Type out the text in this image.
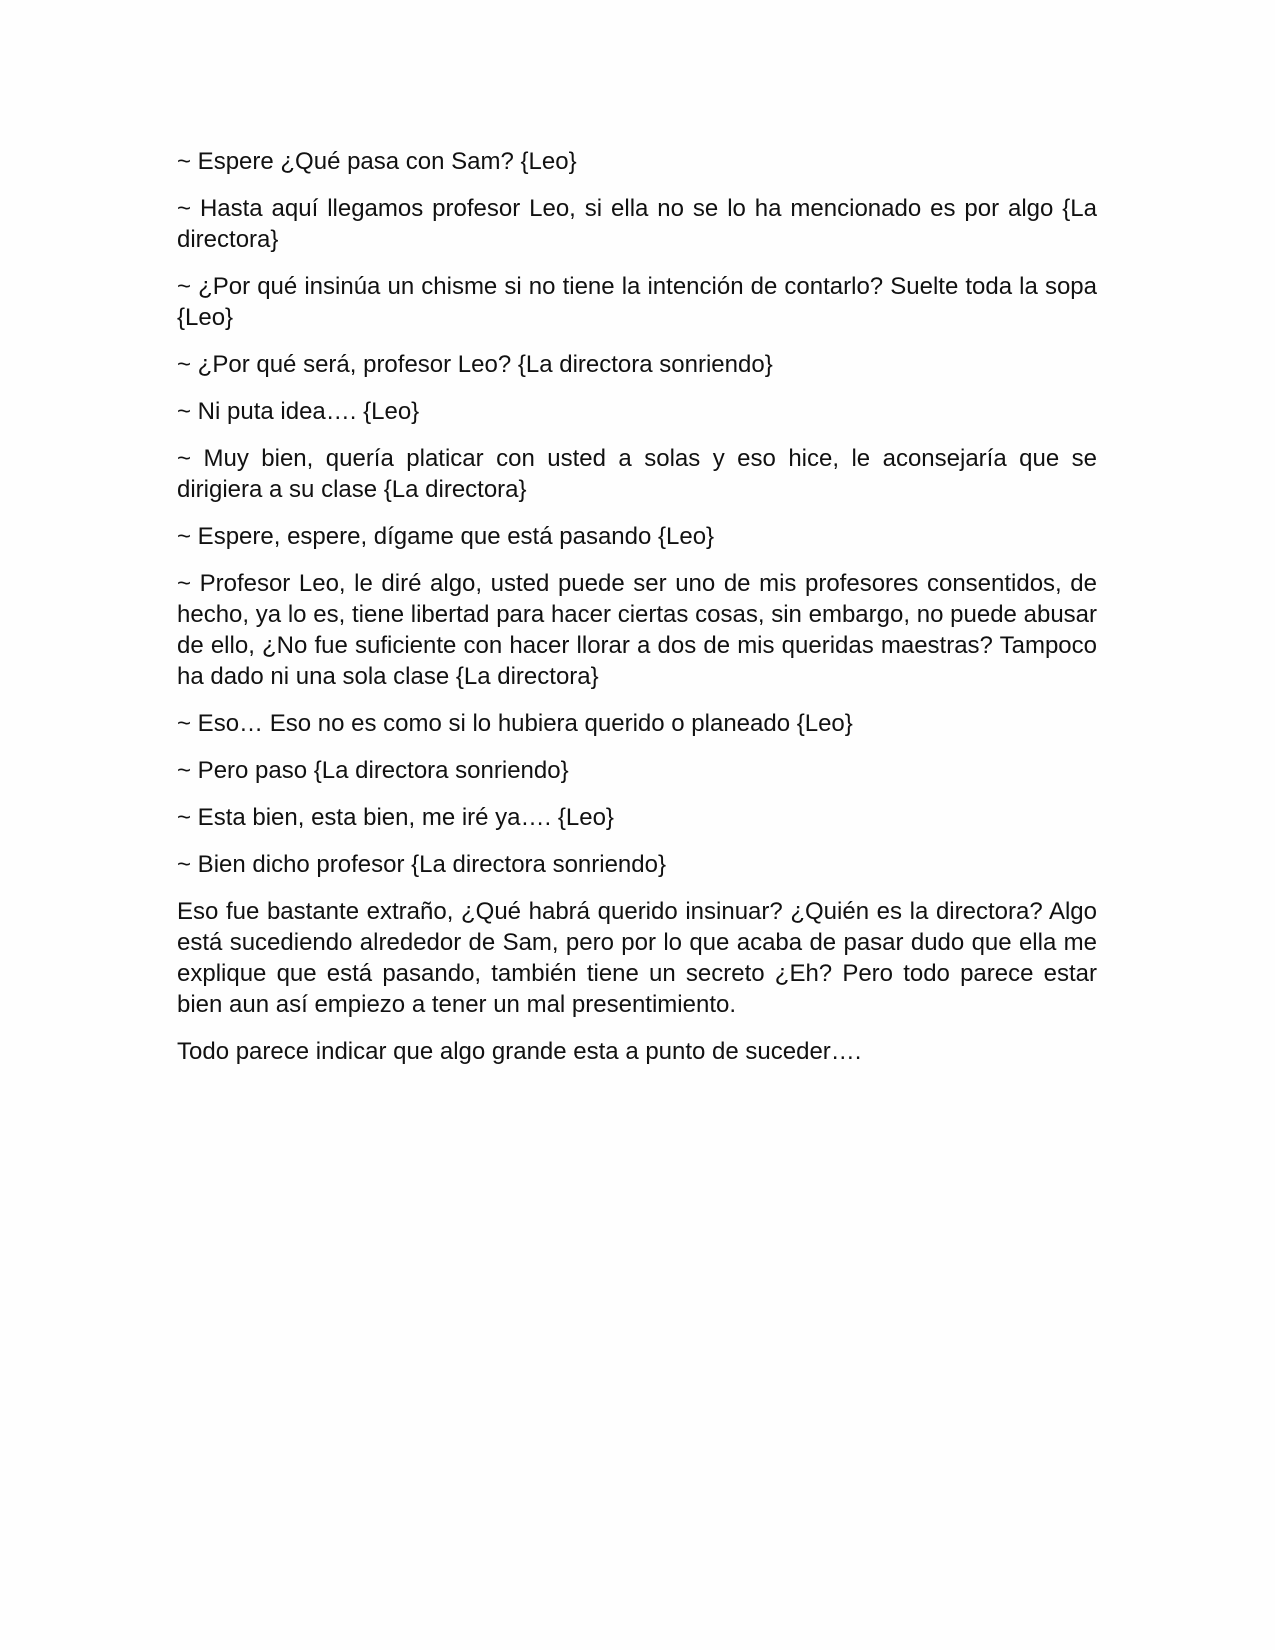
~ Espere ¿Qué pasa con Sam? {Leo}

~ Hasta aquí llegamos profesor Leo, si ella no se lo ha mencionado es por algo {La directora}

~ ¿Por qué insinúa un chisme si no tiene la intención de contarlo? Suelte toda la sopa {Leo}

~ ¿Por qué será, profesor Leo? {La directora sonriendo}

~ Ni puta idea…. {Leo}

~ Muy bien, quería platicar con usted a solas y eso hice, le aconsejaría que se dirigiera a su clase {La directora}

~ Espere, espere, dígame que está pasando {Leo}

~ Profesor Leo, le diré algo, usted puede ser uno de mis profesores consentidos, de hecho, ya lo es, tiene libertad para hacer ciertas cosas, sin embargo, no puede abusar de ello, ¿No fue suficiente con hacer llorar a dos de mis queridas maestras? Tampoco ha dado ni una sola clase {La directora}

~ Eso… Eso no es como si lo hubiera querido o planeado {Leo}

~ Pero paso {La directora sonriendo}

~ Esta bien, esta bien, me iré ya…. {Leo}

~ Bien dicho profesor {La directora sonriendo}

Eso fue bastante extraño, ¿Qué habrá querido insinuar? ¿Quién es la directora? Algo está sucediendo alrededor de Sam, pero por lo que acaba de pasar dudo que ella me explique que está pasando, también tiene un secreto ¿Eh? Pero todo parece estar bien aun así empiezo a tener un mal presentimiento.

Todo parece indicar que algo grande esta a punto de suceder….
